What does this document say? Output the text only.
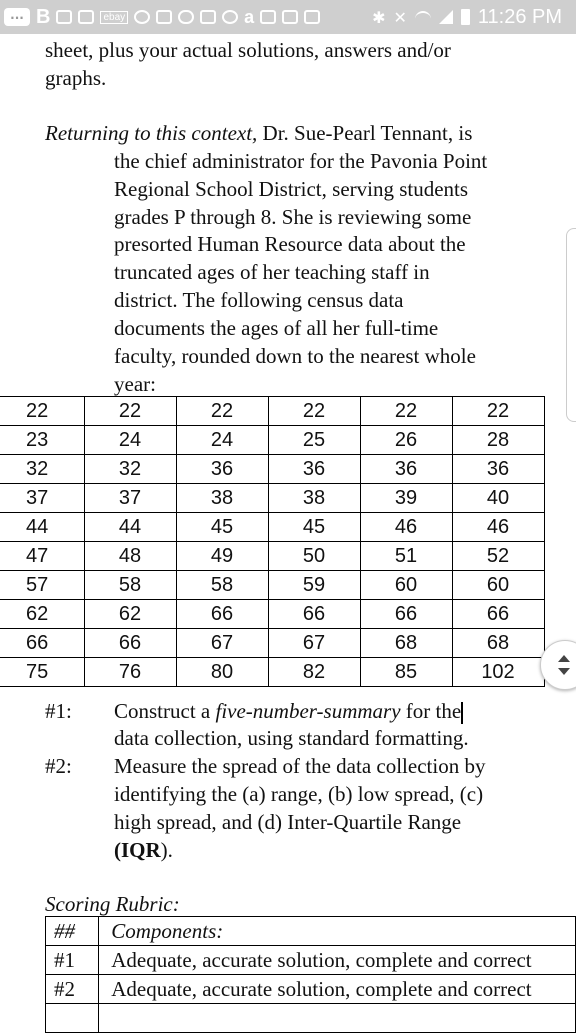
... B	ebay	a	✱ ✕	11:26 PM
sheet, plus your actual solutions, answers and/or
graphs.
Returning to this context, Dr. Sue-Pearl Tennant, is
the chief administrator for the Pavonia Point
Regional School District, serving students
grades P through 8. She is reviewing some
presorted Human Resource data about the
truncated ages of her teaching staff in
district. The following census data
documents the ages of all her full-time
faculty, rounded down to the nearest whole
year:
22	22	22	22	22	22
23	24	24	25	26	28
32	32	36	36	36	36
37	37	38	38	39	40
44	44	45	45	46	46
47	48	49	50	51	52
57	58	58	59	60	60
62	62	66	66	66	66
66	66	67	67	68	68
75	76	80	82	85	102
#1: Construct a five-number-summary for the
data collection, using standard formatting.
#2: Measure the spread of the data collection by
identifying the (a) range, (b) low spread, (c)
high spread, and (d) Inter-Quartile Range
(IQR).
Scoring Rubric:
##	Components:
#1	Adequate, accurate solution, complete and correct
#2	Adequate, accurate solution, complete and correct
